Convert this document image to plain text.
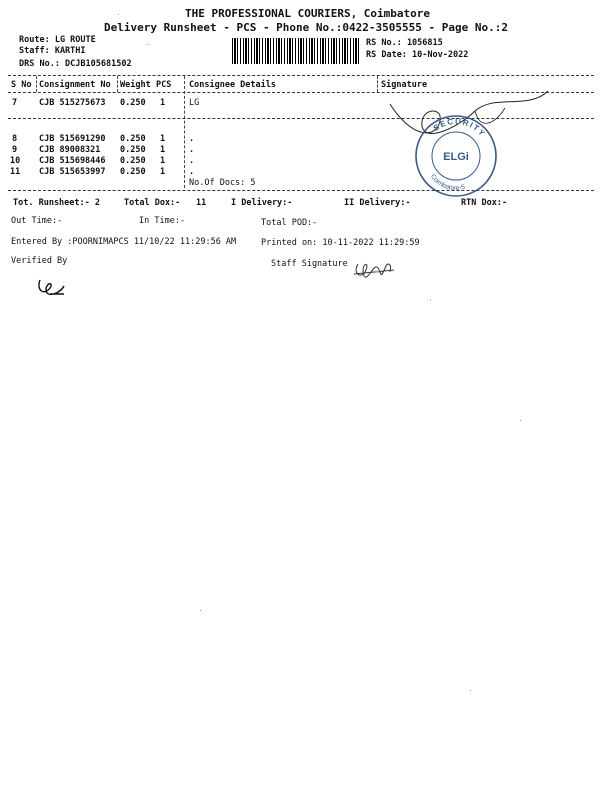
THE PROFESSIONAL COURIERS, Coimbatore
Delivery Runsheet - PCS - Phone No.:0422-3505555 - Page No.:2
Route: LG ROUTE
Staff: KARTHI
DRS No.: DCJB105681502
RS No.: 1056815
RS Date: 10-Nov-2022
S No Consignment No Weight PCS Consignee Details	Signature
7	CJB 515275673 0.250 1	LG
8	CJB 515691290 0.250 1	.
9	CJB 89008321 0.250 1	.
10 CJB 515698446 0.250 1	.
11 CJB 515653997 0.250 1	.
No.Of Docs: 5
SECURITY
Coimbatore-5
ELGi
Tot. Runsheet:- 2	Total Dox:- 11	I Delivery:-	II Delivery:-	RTN Dox:-
Out Time:-	In Time:-	Total POD:-
Entered By :POORNIMAPCS 11/10/22 11:29:56 AM	Printed on: 10-11-2022 11:29:59
Verified By	Staff Signature
